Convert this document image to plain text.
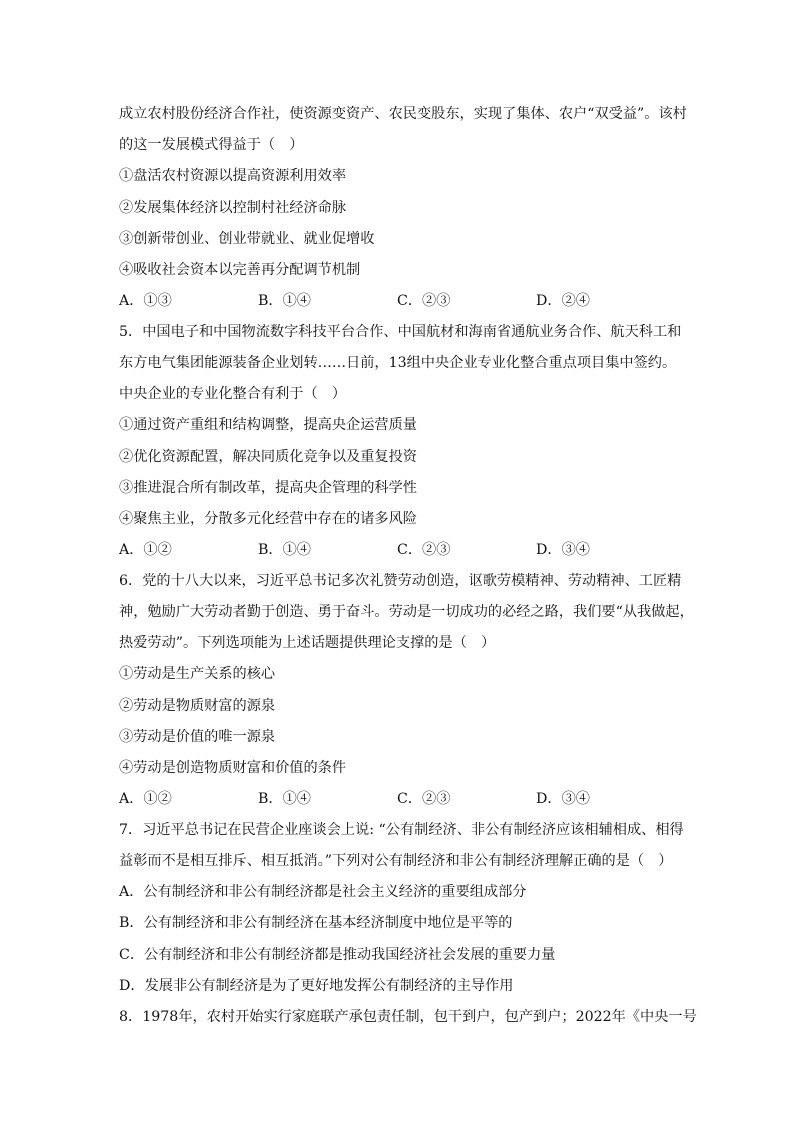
成立农村股份经济合作社，使资源变资产、农民变股东，实现了集体、农户“双受益”。该村
的这一发展模式得益于（　）
①盘活农村资源以提高资源利用效率
②发展集体经济以控制村社经济命脉
③创新带创业、创业带就业、就业促增收
④吸收社会资本以完善再分配调节机制
A．①③	B．①④	C．②③	D．②④
5．中国电子和中国物流数字科技平台合作、中国航材和海南省通航业务合作、航天科工和
东方电气集团能源装备企业划转……日前，13组中央企业专业化整合重点项目集中签约。
中央企业的专业化整合有利于（　）
①通过资产重组和结构调整，提高央企运营质量
②优化资源配置，解决同质化竞争以及重复投资
③推进混合所有制改革，提高央企管理的科学性
④聚焦主业，分散多元化经营中存在的诸多风险
A．①②	B．①④	C．②③	D．③④
6．党的十八大以来，习近平总书记多次礼赞劳动创造，讴歌劳模精神、劳动精神、工匠精
神，勉励广大劳动者勤于创造、勇于奋斗。劳动是一切成功的必经之路，我们要“从我做起，
热爱劳动”。下列选项能为上述话题提供理论支撑的是（　）
①劳动是生产关系的核心
②劳动是物质财富的源泉
③劳动是价值的唯一源泉
④劳动是创造物质财富和价值的条件
A．①②	B．①④	C．②③	D．③④
7．习近平总书记在民营企业座谈会上说: “公有制经济、非公有制经济应该相辅相成、相得
益彰而不是相互排斥、相互抵消。”下列对公有制经济和非公有制经济理解正确的是（　）
A．公有制经济和非公有制经济都是社会主义经济的重要组成部分
B．公有制经济和非公有制经济在基本经济制度中地位是平等的
C．公有制经济和非公有制经济都是推动我国经济社会发展的重要力量
D．发展非公有制经济是为了更好地发挥公有制经济的主导作用
8．1978年，农村开始实行家庭联产承包责任制，包干到户，包产到户；2022年《中央一号
